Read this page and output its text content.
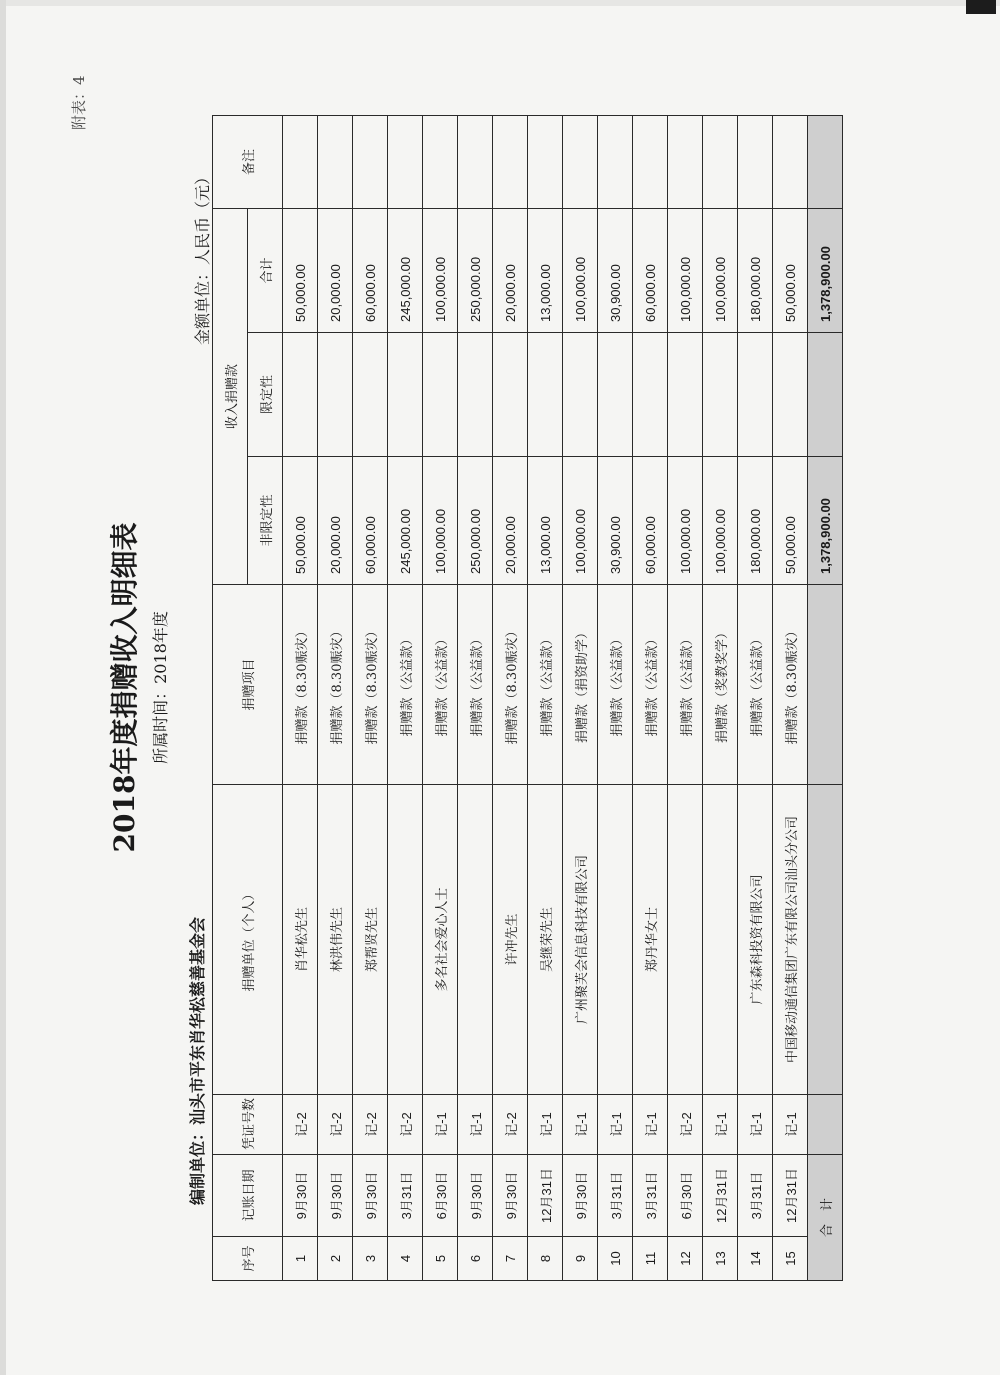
附表：4
2018年度捐赠收入明细表 所属时间：2018年度
编制单位：汕头市平东肖华松慈善基金会
金额单位：人民币（元）
序号	记账日期	凭证号数	捐赠单位（个人）	捐赠项目	收入捐赠款			备注
					非限定性	限定性	合计	
1	9月30日	记-2	肖华松先生	捐赠款（8.30赈灾）	50,000.00		50,000.00	
2	9月30日	记-2	林洪伟先生	捐赠款（8.30赈灾）	20,000.00		20,000.00	
3	9月30日	记-2	郑帮贤先生	捐赠款（8.30赈灾）	60,000.00		60,000.00	
4	3月31日	记-2		捐赠款（公益款）	245,000.00		245,000.00	
5	6月30日	记-1	多名社会爱心人士	捐赠款（公益款）	100,000.00		100,000.00	
6	9月30日	记-1		捐赠款（公益款）	250,000.00		250,000.00	
7	9月30日	记-2	许冲先生	捐赠款（8.30赈灾）	20,000.00		20,000.00	
8	12月31日	记-1	吴继荣先生	捐赠款（公益款）	13,000.00		13,000.00	
9	9月30日	记-1	广州聚芙会信息科技有限公司	捐赠款（捐资助学）	100,000.00		100,000.00	
10	3月31日	记-1		捐赠款（公益款）	30,900.00		30,900.00	
11	3月31日	记-1	郑丹华女士	捐赠款（公益款）	60,000.00		60,000.00	
12	6月30日	记-2		捐赠款（公益款）	100,000.00		100,000.00	
13	12月31日	记-1		捐赠款（奖教奖学）	100,000.00		100,000.00	
14	3月31日	记-1	广东森科投资有限公司	捐赠款（公益款）	180,000.00		180,000.00	
15	12月31日	记-1	中国移动通信集团广东有限公司汕头分公司	捐赠款（8.30赈灾）	50,000.00		50,000.00	
合　计					1,378,900.00		1,378,900.00	
